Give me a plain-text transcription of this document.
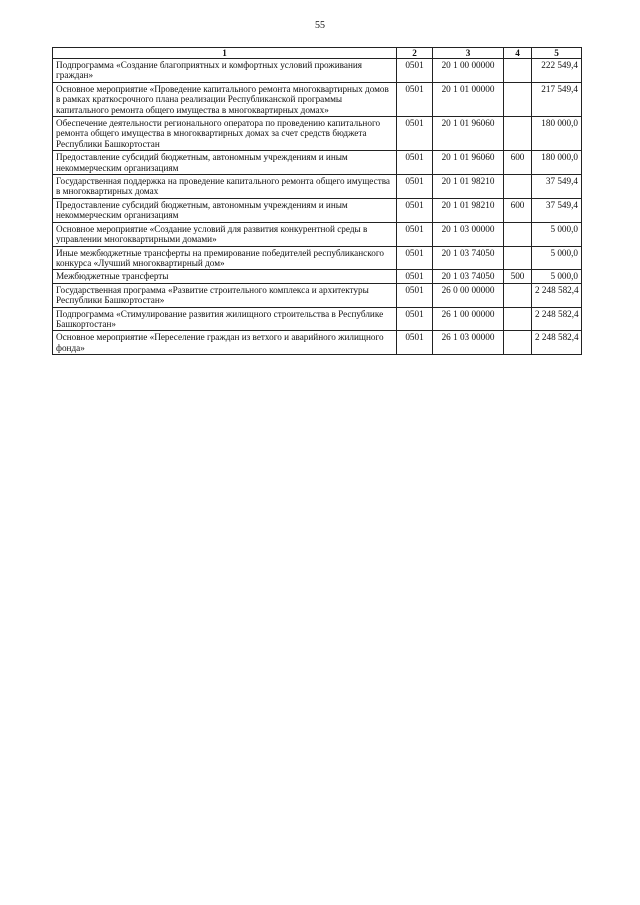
55
1	2	3	4	5
Подпрограмма «Создание благоприятных и комфортных условий проживания граждан»	0501	20 1 00 00000		222 549,4
Основное мероприятие «Проведение капитального ремонта многоквартирных домов в рамках краткосрочного плана реализации Республиканской программы капитального ремонта общего имущества в многоквартирных домах»	0501	20 1 01 00000		217 549,4
Обеспечение деятельности регионального оператора по проведению капитального ремонта общего имущества в многоквартирных домах за счет средств бюджета Республики Башкортостан	0501	20 1 01 96060		180 000,0
Предоставление субсидий бюджетным, автономным учреждениям и иным некоммерческим организациям	0501	20 1 01 96060	600	180 000,0
Государственная поддержка на проведение капитального ремонта общего имущества в многоквартирных домах	0501	20 1 01 98210		37 549,4
Предоставление субсидий бюджетным, автономным учреждениям и иным некоммерческим организациям	0501	20 1 01 98210	600	37 549,4
Основное мероприятие «Создание условий для развития конкурентной среды в управлении многоквартирными домами»	0501	20 1 03 00000		5 000,0
Иные межбюджетные трансферты на премирование победителей республиканского конкурса «Лучший многоквартирный дом»	0501	20 1 03 74050		5 000,0
Межбюджетные трансферты	0501	20 1 03 74050	500	5 000,0
Государственная программа «Развитие строительного комплекса и архитектуры Республики Башкортостан»	0501	26 0 00 00000		2 248 582,4
Подпрограмма «Стимулирование развития жилищного строительства в Республике Башкортостан»	0501	26 1 00 00000		2 248 582,4
Основное мероприятие «Переселение граждан из ветхого и аварийного жилищного фонда»	0501	26 1 03 00000		2 248 582,4
